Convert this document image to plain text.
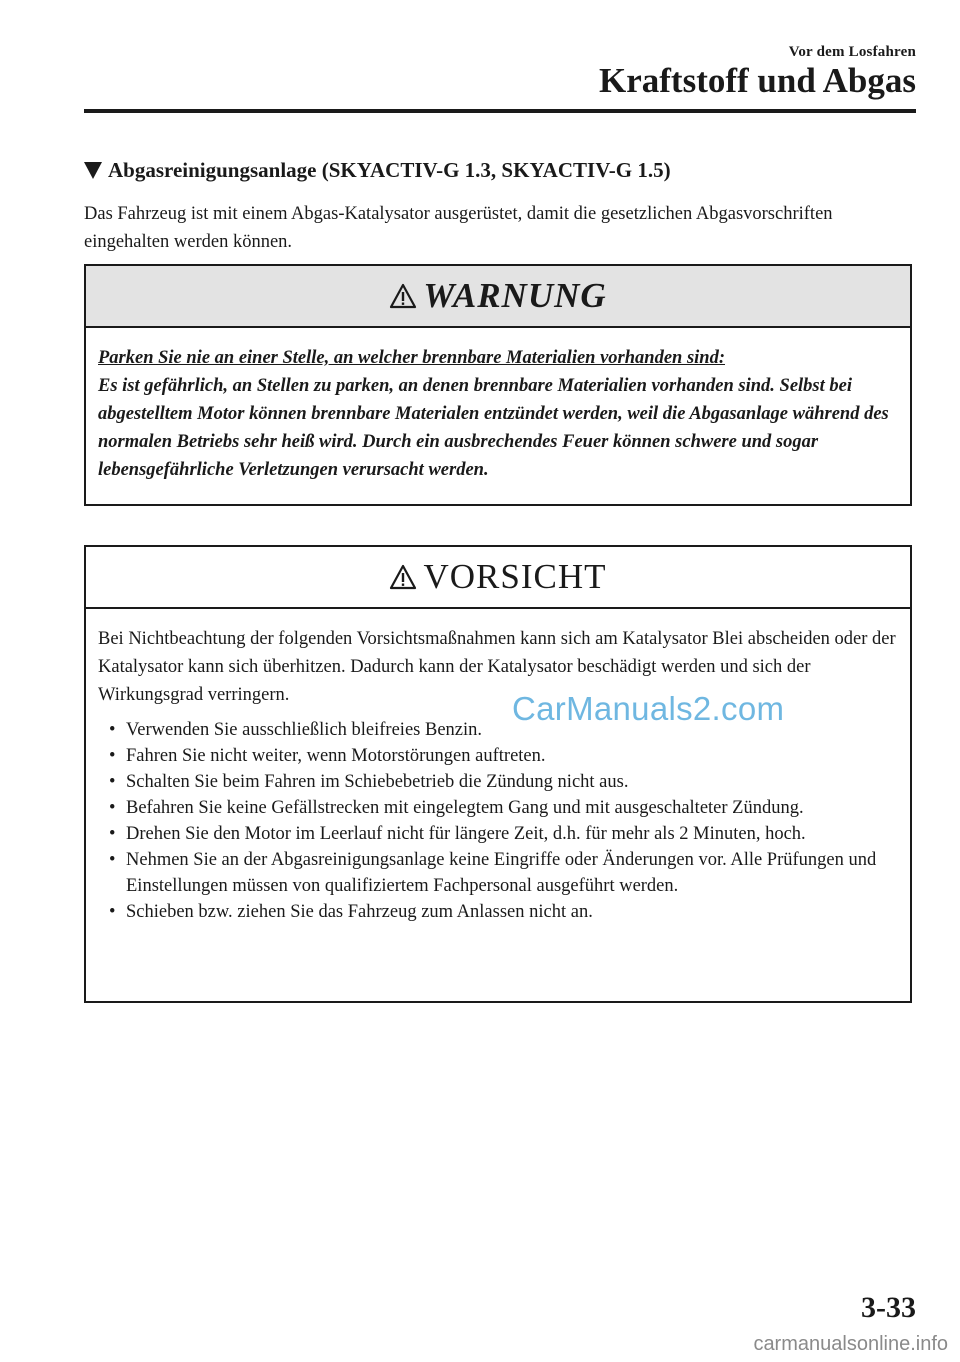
Vor dem Losfahren
Kraftstoff und Abgas
Abgasreinigungsanlage (SKYACTIV-G 1.3, SKYACTIV-G 1.5)
Das Fahrzeug ist mit einem Abgas-Katalysator ausgerüstet, damit die gesetzlichen Abgasvorschriften eingehalten werden können.
WARNUNG
Parken Sie nie an einer Stelle, an welcher brennbare Materialien vorhanden sind:
Es ist gefährlich, an Stellen zu parken, an denen brennbare Materialien vorhanden sind. Selbst bei abgestelltem Motor können brennbare Materialen entzündet werden, weil die Abgasanlage während des normalen Betriebs sehr heiß wird. Durch ein ausbrechendes Feuer können schwere und sogar lebensgefährliche Verletzungen verursacht werden.
VORSICHT

Bei Nichtbeachtung der folgenden Vorsichtsmaßnahmen kann sich am Katalysator Blei abscheiden oder der Katalysator kann sich überhitzen. Dadurch kann der Katalysator beschädigt werden und sich der Wirkungsgrad verringern.

• Verwenden Sie ausschließlich bleifreies Benzin.
• Fahren Sie nicht weiter, wenn Motorstörungen auftreten.
• Schalten Sie beim Fahren im Schiebebetrieb die Zündung nicht aus.
• Befahren Sie keine Gefällstrecken mit eingelegtem Gang und mit ausgeschalteter Zündung.
• Drehen Sie den Motor im Leerlauf nicht für längere Zeit, d.h. für mehr als 2 Minuten, hoch.
• Nehmen Sie an der Abgasreinigungsanlage keine Eingriffe oder Änderungen vor. Alle Prüfungen und Einstellungen müssen von qualifiziertem Fachpersonal ausgeführt werden.
• Schieben bzw. ziehen Sie das Fahrzeug zum Anlassen nicht an.
CarManuals2.com
3-33
carmanualsonline.info
